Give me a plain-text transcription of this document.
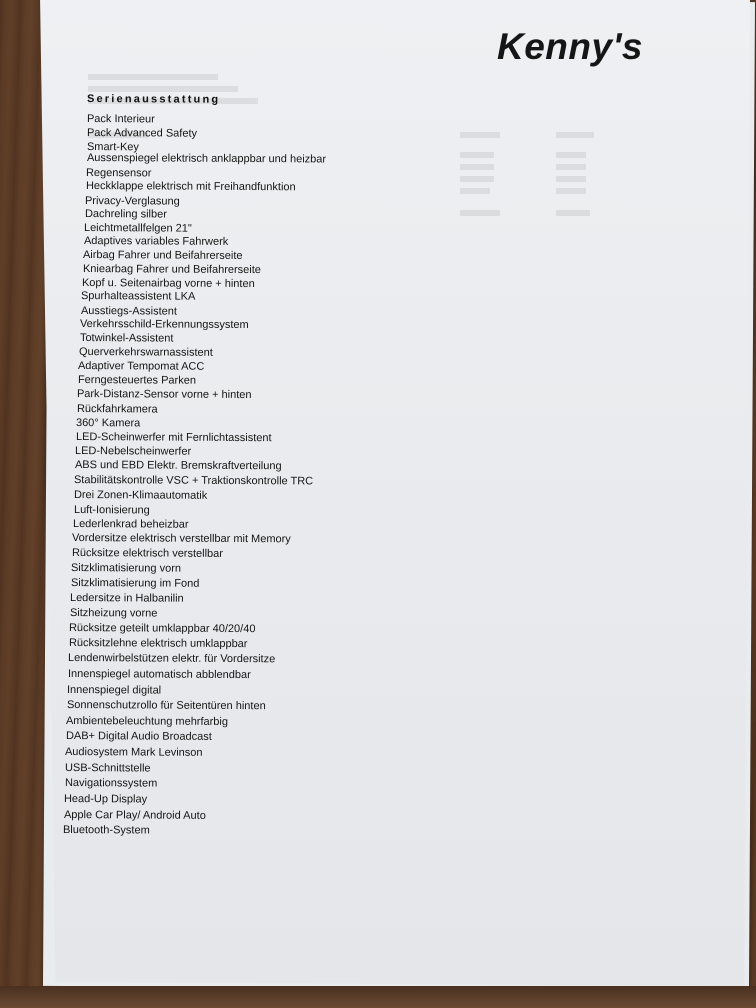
Kenny's
Serienausstattung
Pack Interieur
Pack Advanced Safety
Smart-Key
Aussenspiegel elektrisch anklappbar und heizbar
Regensensor
Heckklappe elektrisch mit Freihandfunktion
Privacy-Verglasung
Dachreling silber
Leichtmetallfelgen 21"
Adaptives variables Fahrwerk
Airbag Fahrer und Beifahrerseite
Kniearbag Fahrer und Beifahrerseite
Kopf u. Seitenairbag vorne + hinten
Spurhalteassistent LKA
Ausstiegs-Assistent
Verkehrsschild-Erkennungssystem
Totwinkel-Assistent
Querverkehrswarnassistent
Adaptiver Tempomat ACC
Ferngesteuertes Parken
Park-Distanz-Sensor vorne + hinten
Rückfahrkamera
360° Kamera
LED-Scheinwerfer mit Fernlichtassistent
LED-Nebelscheinwerfer
ABS und EBD Elektr. Bremskraftverteilung
Stabilitätskontrolle VSC + Traktionskontrolle TRC
Drei Zonen-Klimaautomatik
Luft-Ionisierung
Lederlenkrad beheizbar
Vordersitze elektrisch verstellbar mit Memory
Rücksitze elektrisch verstellbar
Sitzklimatisierung vorn
Sitzklimatisierung im Fond
Ledersitze in Halbanilin
Sitzheizung vorne
Rücksitze geteilt umklappbar 40/20/40
Rücksitzlehne elektrisch umklappbar
Lendenwirbelstützen elektr. für Vordersitze
Innenspiegel automatisch abblendbar
Innenspiegel digital
Sonnenschutzrollo für Seitentüren hinten
Ambientebeleuchtung mehrfarbig
DAB+ Digital Audio Broadcast
Audiosystem Mark Levinson
USB-Schnittstelle
Navigationssystem
Head-Up Display
Apple Car Play/ Android Auto
Bluetooth-System
